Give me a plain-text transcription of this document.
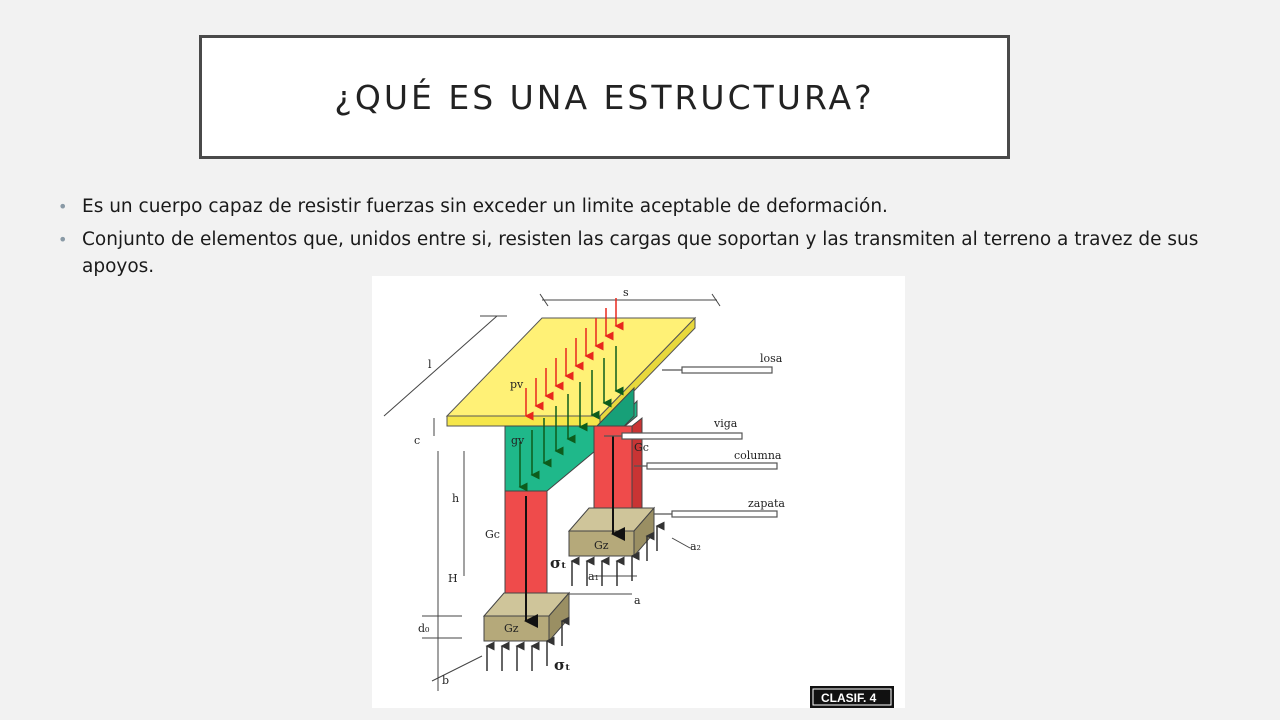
¿QUÉ ES UNA ESTRUCTURA?
• Es un cuerpo capaz de resistir fuerzas sin exceder un limite aceptable de deformación.
• Conjunto de elementos que, unidos entre si, resisten las cargas que soportan y las transmiten al terreno a travez de sus apoyos.
s
l
c
h
H
d₀
b
a
a₁
a₂
pv
gv
Gc
Gc
Gz
Gz
σₜ
σₜ
losa
viga
columna
zapata
CLASIF. 4
